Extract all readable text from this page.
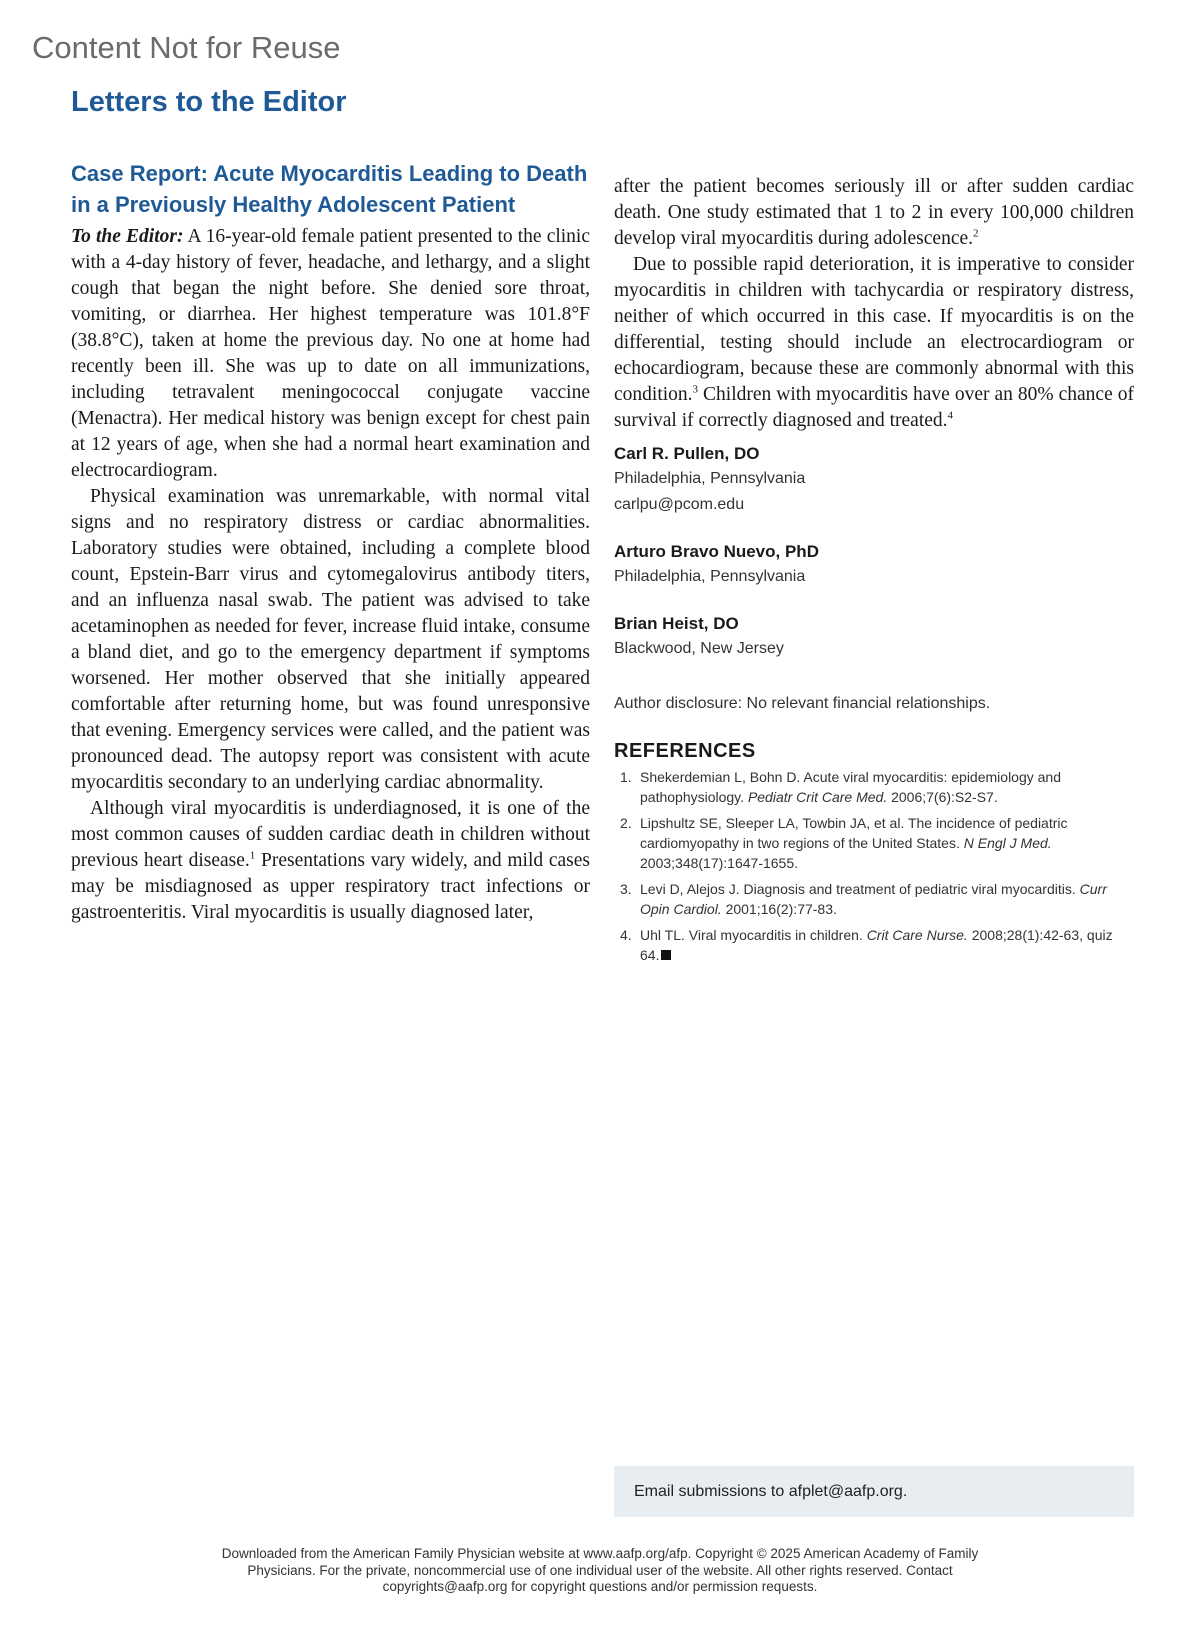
Content Not for Reuse
Letters to the Editor
Case Report: Acute Myocarditis Leading to Death in a Previously Healthy Adolescent Patient

To the Editor: A 16-year-old female patient presented to the clinic with a 4-day history of fever, headache, and lethargy, and a slight cough that began the night before. She denied sore throat, vomiting, or diarrhea. Her highest temperature was 101.8°F (38.8°C), taken at home the previous day. No one at home had recently been ill. She was up to date on all immunizations, including tetravalent meningococcal conjugate vaccine (Menactra). Her medical history was benign except for chest pain at 12 years of age, when she had a normal heart examination and electrocardiogram.

Physical examination was unremarkable, with normal vital signs and no respiratory distress or cardiac abnormalities. Laboratory studies were obtained, including a complete blood count, Epstein-Barr virus and cytomegalovirus antibody titers, and an influenza nasal swab. The patient was advised to take acetaminophen as needed for fever, increase fluid intake, consume a bland diet, and go to the emergency department if symptoms worsened. Her mother observed that she initially appeared comfortable after returning home, but was found unresponsive that evening. Emergency services were called, and the patient was pronounced dead. The autopsy report was consistent with acute myocarditis secondary to an underlying cardiac abnormality.

Although viral myocarditis is underdiagnosed, it is one of the most common causes of sudden cardiac death in children without previous heart disease.$^1$ Presentations vary widely, and mild cases may be misdiagnosed as upper respiratory tract infections or gastroenteritis. Viral myocarditis is usually diagnosed later,

after the patient becomes seriously ill or after sudden cardiac death. One study estimated that 1 to 2 in every 100,000 children develop viral myocarditis during adolescence.$^2$

Due to possible rapid deterioration, it is imperative to consider myocarditis in children with tachycardia or respiratory distress, neither of which occurred in this case. If myocarditis is on the differential, testing should include an electrocardiogram or echocardiogram, because these are commonly abnormal with this condition.$^3$ Children with myocarditis have over an 80% chance of survival if correctly diagnosed and treated.$^4$

Carl R. Pullen, DO
Philadelphia, Pennsylvania
carlpu@pcom.edu
Arturo Bravo Nuevo, PhD
Philadelphia, Pennsylvania
Brian Heist, DO
Blackwood, New Jersey
Author disclosure: No relevant financial relationships.
REFERENCES
1. Shekerdemian L, Bohn D. Acute viral myocarditis: epidemiology and pathophysiology. Pediatr Crit Care Med. 2006;7(6):S2-S7.
2. Lipshultz SE, Sleeper LA, Towbin JA, et al. The incidence of pediatric cardiomyopathy in two regions of the United States. N Engl J Med. 2003;348(17):1647-1655.
3. Levi D, Alejos J. Diagnosis and treatment of pediatric viral myocarditis. Curr Opin Cardiol. 2001;16(2):77-83.
4. Uhl TL. Viral myocarditis in children. Crit Care Nurse. 2008;28(1):42-63, quiz 64.
Email submissions to afplet@aafp.org.
Downloaded from the American Family Physician website at www.aafp.org/afp. Copyright © 2025 American Academy of Family Physicians. For the private, noncommercial use of one individual user of the website. All other rights reserved. Contact copyrights@aafp.org for copyright questions and/or permission requests.
